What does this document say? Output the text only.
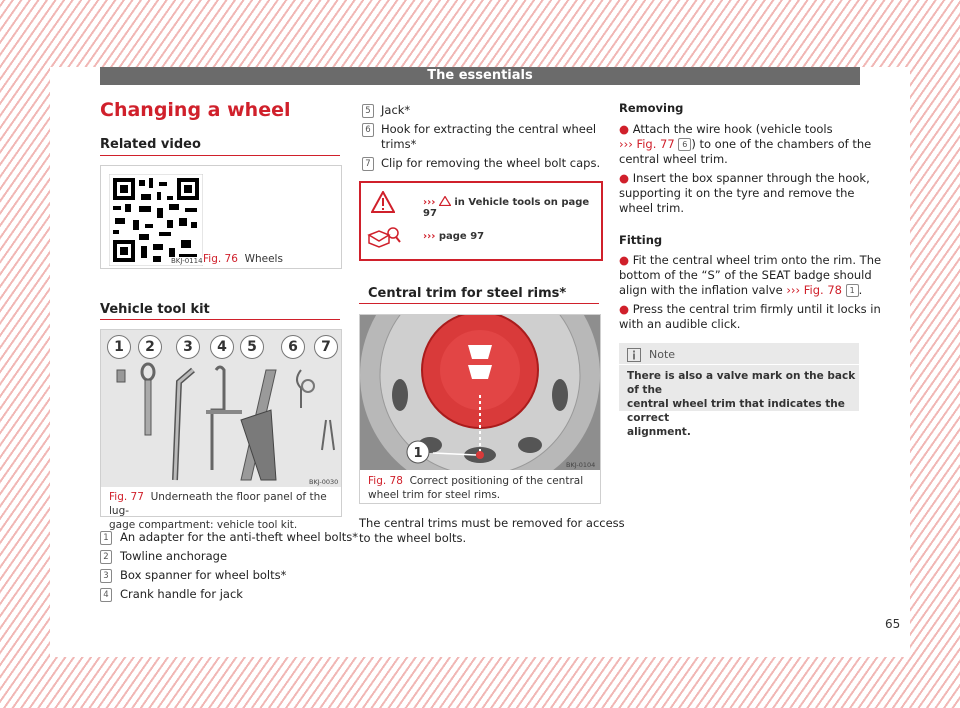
The essentials
Changing a wheel
Related video
BKJ-0114 Fig. 76 Wheels
Vehicle tool kit
BKJ-0030
Fig. 77 Underneath the floor panel of the lug-
gage compartment: vehicle tool kit.
1	2	3	4	5	6	7
1 An adapter for the anti-theft wheel bolts*
2 Towline anchorage
3 Box spanner for wheel bolts*
4 Crank handle for jack
5 Jack*
6 Hook for extracting the central wheel
trims*
7 Clip for removing the wheel bolt caps.
››› in Vehicle tools on page 97
››› page 97
Central trim for steel rims*
1
BKJ-0104
Fig. 78 Correct positioning of the central
wheel trim for steel rims.
The central trims must be removed for access
to the wheel bolts.
Removing
● Attach the wire hook (vehicle tools
››› Fig. 77 6 ) to one of the chambers of the
central wheel trim.
● Insert the box spanner through the hook,
supporting it on the tyre and remove the
wheel trim.
Fitting
● Fit the central wheel trim onto the rim. The
bottom of the “S” of the SEAT badge should
align with the inflation valve ››› Fig. 78 1 .
● Press the central trim firmly until it locks in
with an audible click.
Note
There is also a valve mark on the back of the
central wheel trim that indicates the correct
alignment.
65
